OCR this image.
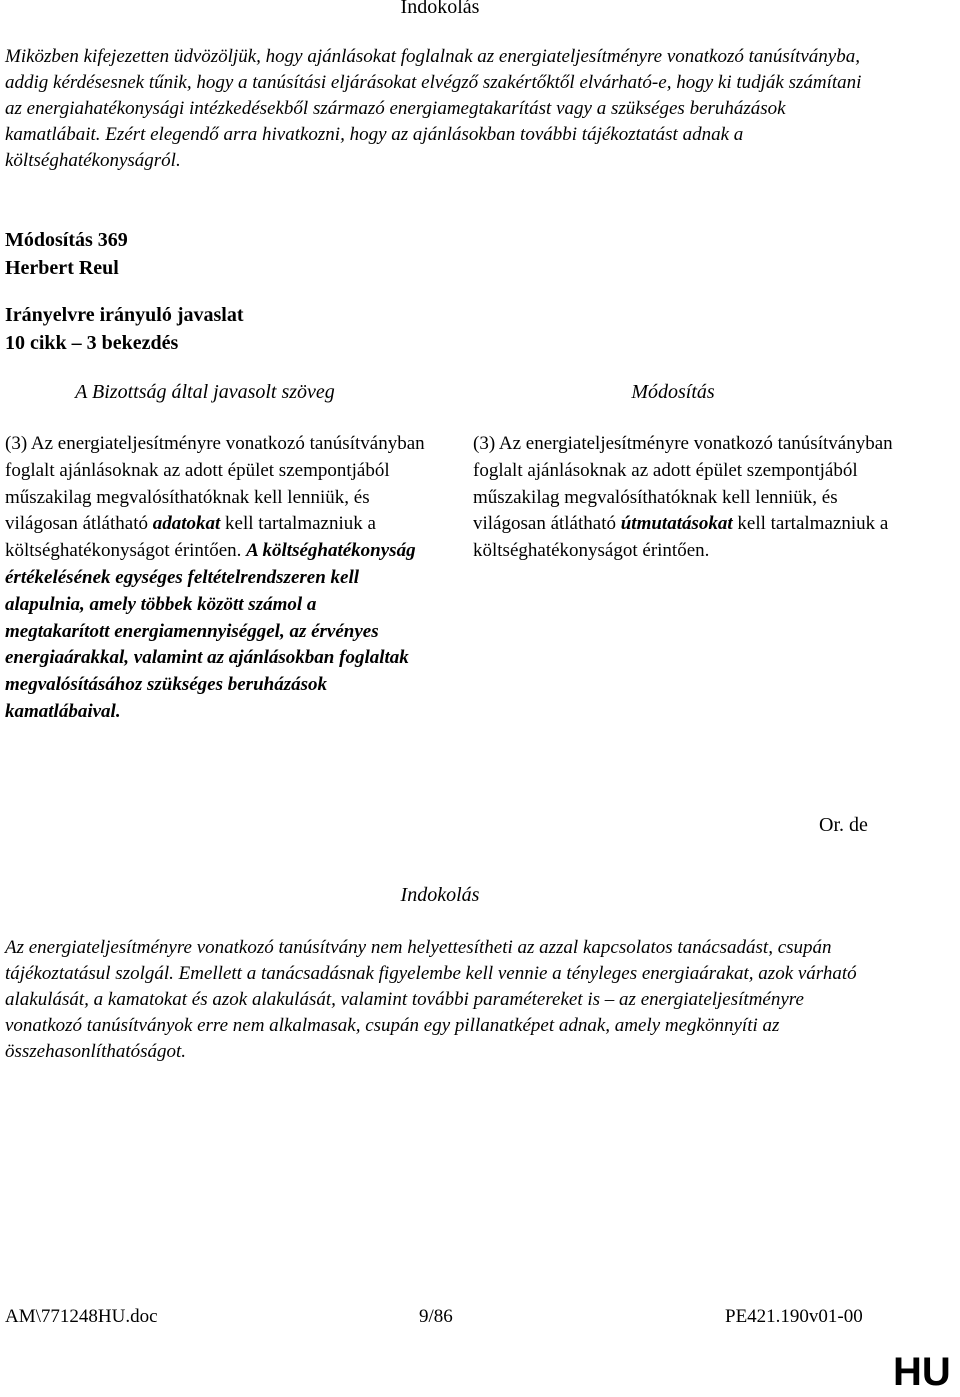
Indokolás
Miközben kifejezetten üdvözöljük, hogy ajánlásokat foglalnak az energiateljesítményre vonatkozó tanúsítványba, addig kérdésesnek tűnik, hogy a tanúsítási eljárásokat elvégző szakértőktől elvárható-e, hogy ki tudják számítani az energiahatékonysági intézkedésekből származó energiamegtakarítást vagy a szükséges beruházások kamatlábait. Ezért elegendő arra hivatkozni, hogy az ajánlásokban további tájékoztatást adnak a költséghatékonyságról.
Módosítás 369
Herbert Reul
Irányelvre irányuló javaslat
10 cikk – 3 bekezdés
A Bizottság által javasolt szöveg	Módosítás
(3) Az energiateljesítményre vonatkozó tanúsítványban foglalt ajánlásoknak az adott épület szempontjából műszakilag megvalósíthatóknak kell lenniük, és világosan átlátható adatokat kell tartalmazniuk a költséghatékonyságot érintően. A költséghatékonyság értékelésének egységes feltételrendszeren kell alapulnia, amely többek között számol a megtakarított energiamennyiséggel, az érvényes energiaárakkal, valamint az ajánlásokban foglaltak megvalósításához szükséges beruházások kamatlábaival.
(3) Az energiateljesítményre vonatkozó tanúsítványban foglalt ajánlásoknak az adott épület szempontjából műszakilag megvalósíthatóknak kell lenniük, és világosan átlátható útmutatásokat kell tartalmazniuk a költséghatékonyságot érintően.
Or. de
Indokolás
Az energiateljesítményre vonatkozó tanúsítvány nem helyettesítheti az azzal kapcsolatos tanácsadást, csupán tájékoztatásul szolgál. Emellett a tanácsadásnak figyelembe kell vennie a tényleges energiaárakat, azok várható alakulását, a kamatokat és azok alakulását, valamint további paramétereket is – az energiateljesítményre vonatkozó tanúsítványok erre nem alkalmasak, csupán egy pillanatképet adnak, amely megkönnyíti az összehasonlíthatóságot.
AM\771248HU.doc	9/86	PE421.190v01-00
HU
